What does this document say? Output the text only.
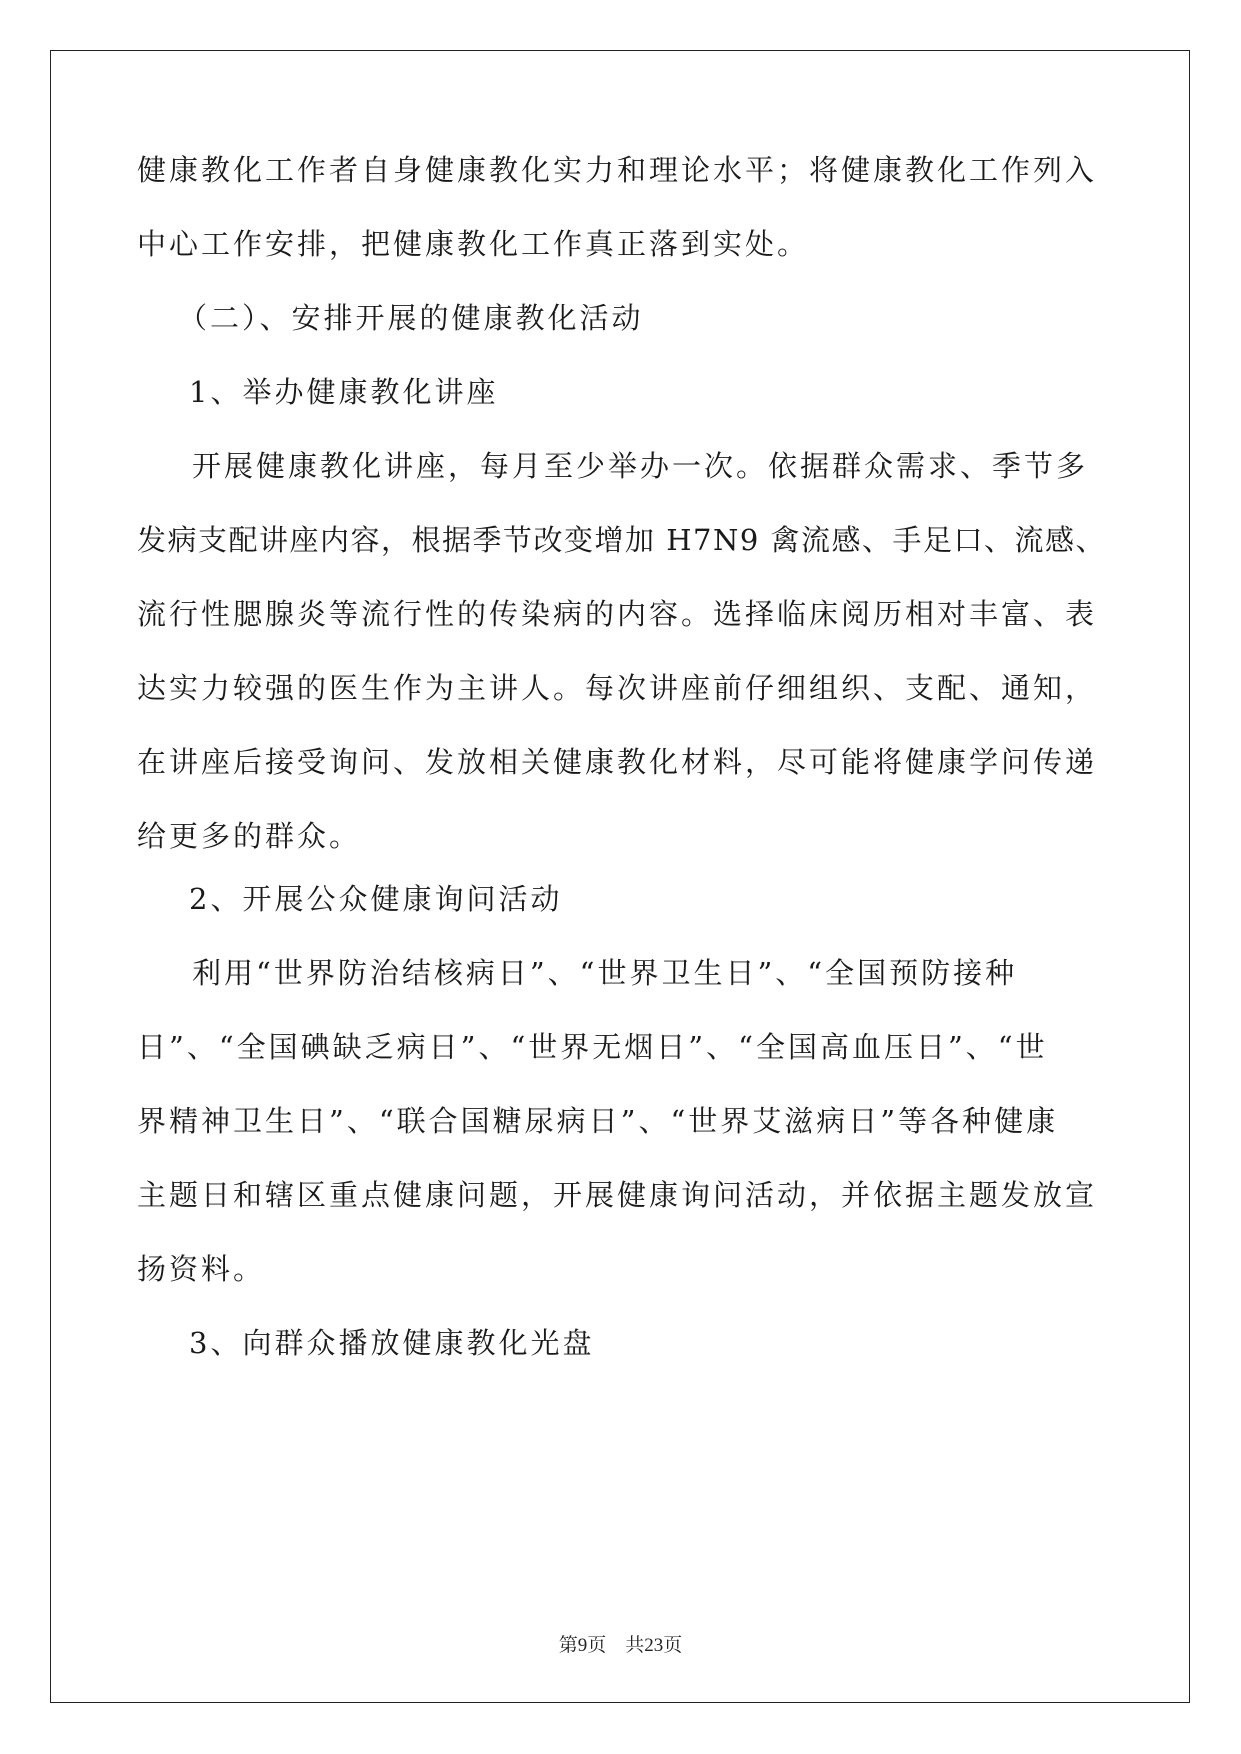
健康教化工作者自身健康教化实力和理论水平；将健康教化工作列入
中心工作安排，把健康教化工作真正落到实处。
（二）、安排开展的健康教化活动
1、举办健康教化讲座
开展健康教化讲座，每月至少举办一次。依据群众需求、季节多
发病支配讲座内容，根据季节改变增加 H7N9 禽流感、手足口、流感、
流行性腮腺炎等流行性的传染病的内容。选择临床阅历相对丰富、表
达实力较强的医生作为主讲人。每次讲座前仔细组织、支配、通知，
在讲座后接受询问、发放相关健康教化材料，尽可能将健康学问传递
给更多的群众。
2、开展公众健康询问活动
利用“世界防治结核病日”、“世界卫生日”、“全国预防接种
日”、“全国碘缺乏病日”、“世界无烟日”、“全国高血压日”、“世
界精神卫生日”、“联合国糖尿病日”、“世界艾滋病日”等各种健康
主题日和辖区重点健康问题，开展健康询问活动，并依据主题发放宣
扬资料。
3、向群众播放健康教化光盘
第9页　共23页
